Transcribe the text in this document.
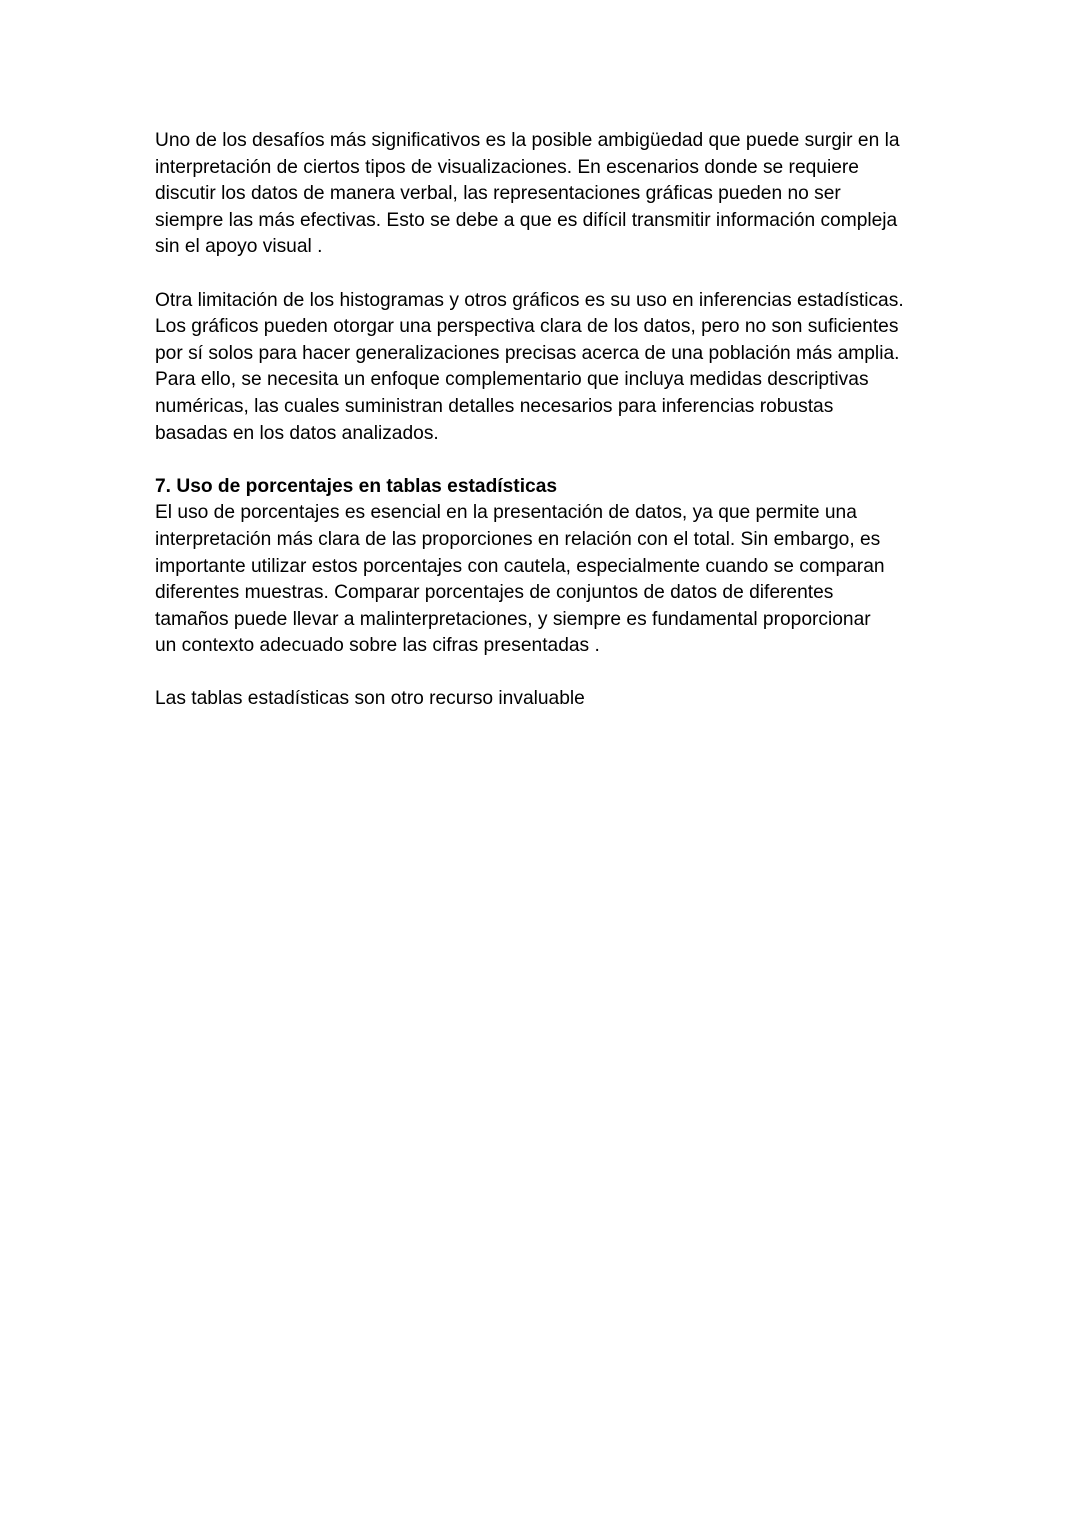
Uno de los desafíos más significativos es la posible ambigüedad que puede surgir en la
interpretación de ciertos tipos de visualizaciones. En escenarios donde se requiere
discutir los datos de manera verbal, las representaciones gráficas pueden no ser
siempre las más efectivas. Esto se debe a que es difícil transmitir información compleja
sin el apoyo visual .
Otra limitación de los histogramas y otros gráficos es su uso en inferencias estadísticas.
Los gráficos pueden otorgar una perspectiva clara de los datos, pero no son suficientes
por sí solos para hacer generalizaciones precisas acerca de una población más amplia.
Para ello, se necesita un enfoque complementario que incluya medidas descriptivas
numéricas, las cuales suministran detalles necesarios para inferencias robustas
basadas en los datos analizados.
7. Uso de porcentajes en tablas estadísticas
El uso de porcentajes es esencial en la presentación de datos, ya que permite una
interpretación más clara de las proporciones en relación con el total. Sin embargo, es
importante utilizar estos porcentajes con cautela, especialmente cuando se comparan
diferentes muestras. Comparar porcentajes de conjuntos de datos de diferentes
tamaños puede llevar a malinterpretaciones, y siempre es fundamental proporcionar
un contexto adecuado sobre las cifras presentadas .
Las tablas estadísticas son otro recurso invaluable
